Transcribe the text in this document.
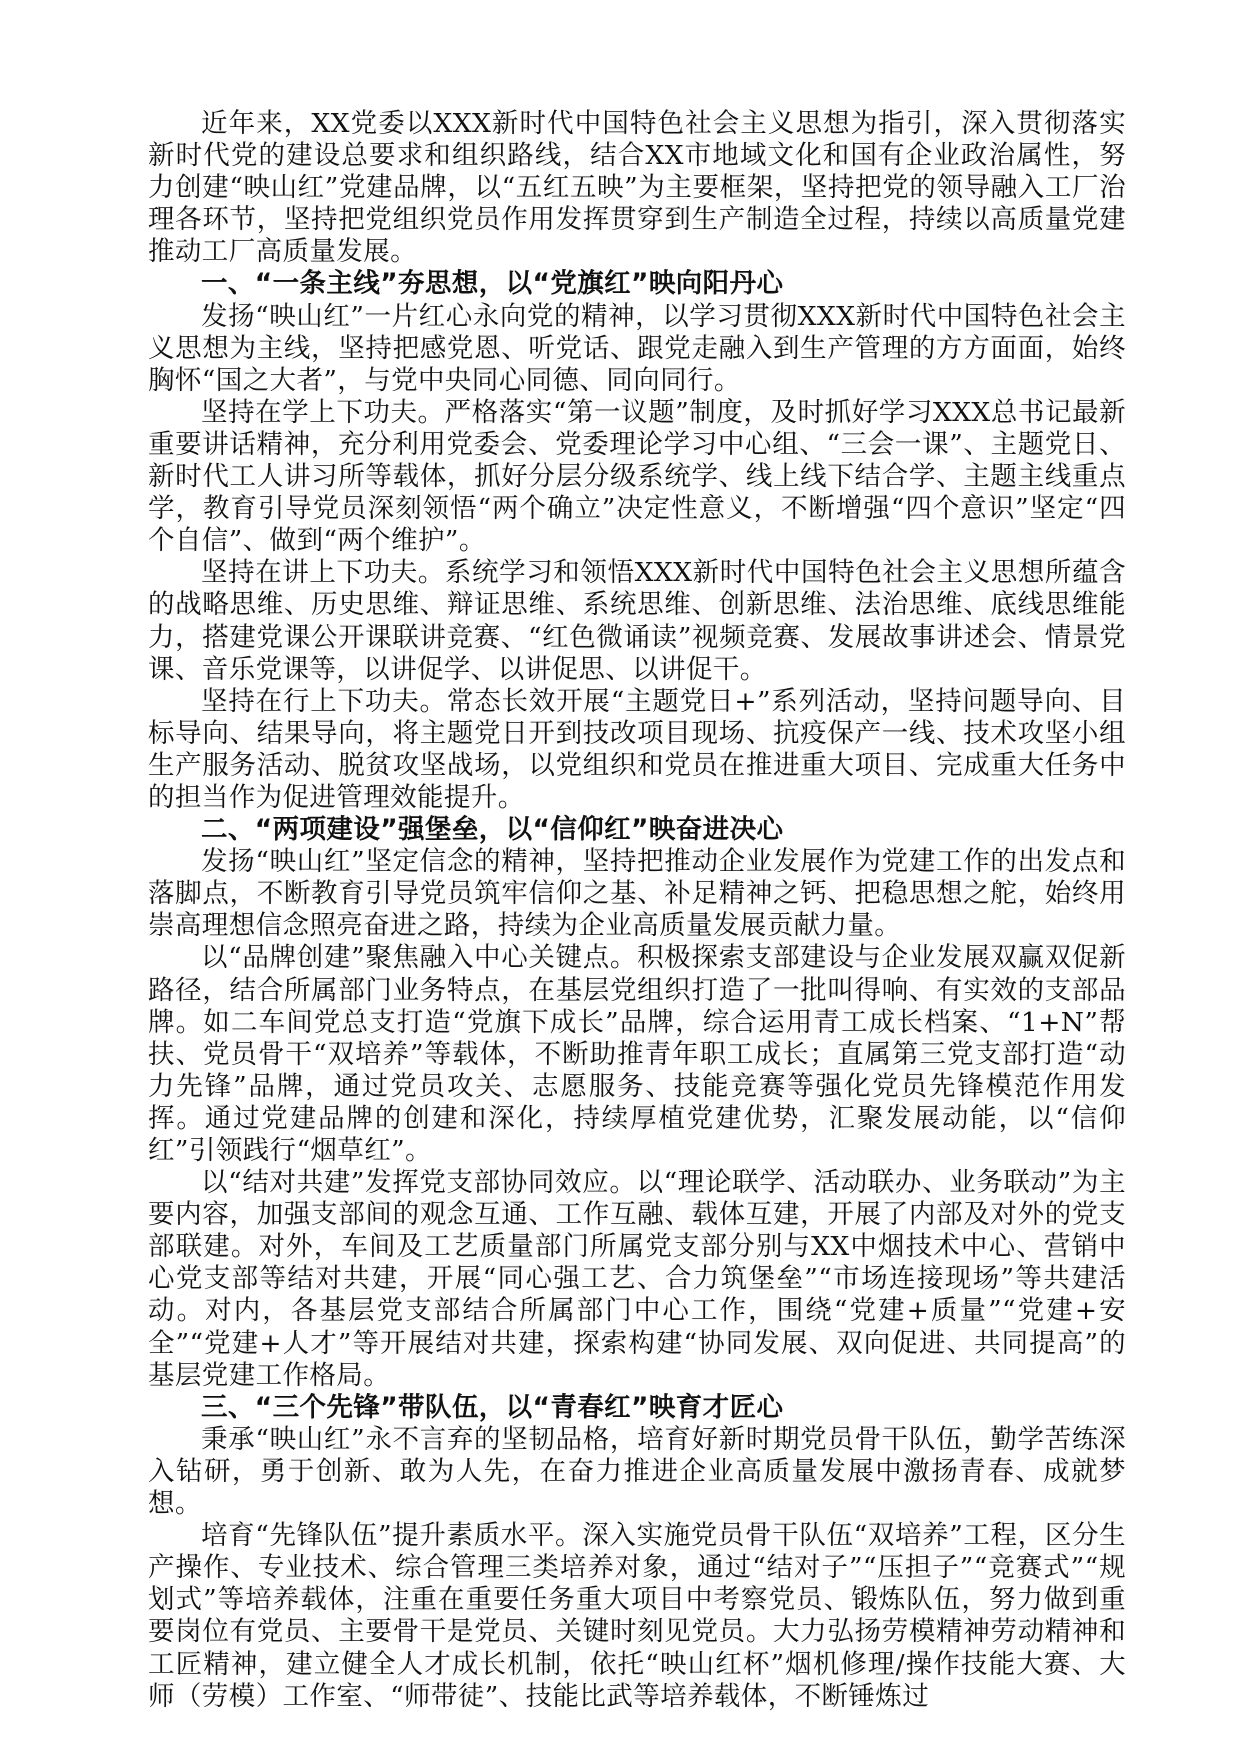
近年来，XX党委以XXX新时代中国特色社会主义思想为指引，深入贯彻落实新时代党的建设总要求和组织路线，结合XX市地域文化和国有企业政治属性，努力创建“映山红”党建品牌，以“五红五映”为主要框架，坚持把党的领导融入工厂治理各环节，坚持把党组织党员作用发挥贯穿到生产制造全过程，持续以高质量党建推动工厂高质量发展。

一、“一条主线”夯思想，以“党旗红”映向阳丹心

发扬“映山红”一片红心永向党的精神，以学习贯彻XXX新时代中国特色社会主义思想为主线，坚持把感党恩、听党话、跟党走融入到生产管理的方方面面，始终胸怀“国之大者”，与党中央同心同德、同向同行。

坚持在学上下功夫。严格落实“第一议题”制度，及时抓好学习XXX总书记最新重要讲话精神，充分利用党委会、党委理论学习中心组、“三会一课”、主题党日、新时代工人讲习所等载体，抓好分层分级系统学、线上线下结合学、主题主线重点学，教育引导党员深刻领悟“两个确立”决定性意义，不断增强“四个意识”坚定“四个自信”、做到“两个维护”。

坚持在讲上下功夫。系统学习和领悟XXX新时代中国特色社会主义思想所蕴含的战略思维、历史思维、辩证思维、系统思维、创新思维、法治思维、底线思维能力，搭建党课公开课联讲竞赛、“红色微诵读”视频竞赛、发展故事讲述会、情景党课、音乐党课等，以讲促学、以讲促思、以讲促干。

坚持在行上下功夫。常态长效开展“主题党日+”系列活动，坚持问题导向、目标导向、结果导向，将主题党日开到技改项目现场、抗疫保产一线、技术攻坚小组生产服务活动、脱贫攻坚战场，以党组织和党员在推进重大项目、完成重大任务中的担当作为促进管理效能提升。

二、“两项建设”强堡垒，以“信仰红”映奋进决心

发扬“映山红”坚定信念的精神，坚持把推动企业发展作为党建工作的出发点和落脚点，不断教育引导党员筑牢信仰之基、补足精神之钙、把稳思想之舵，始终用崇高理想信念照亮奋进之路，持续为企业高质量发展贡献力量。

以“品牌创建”聚焦融入中心关键点。积极探索支部建设与企业发展双赢双促新路径，结合所属部门业务特点，在基层党组织打造了一批叫得响、有实效的支部品牌。如二车间党总支打造“党旗下成长”品牌，综合运用青工成长档案、“1+N”帮扶、党员骨干“双培养”等载体，不断助推青年职工成长；直属第三党支部打造“动力先锋”品牌，通过党员攻关、志愿服务、技能竞赛等强化党员先锋模范作用发挥。通过党建品牌的创建和深化，持续厚植党建优势，汇聚发展动能，以“信仰红”引领践行“烟草红”。

以“结对共建”发挥党支部协同效应。以“理论联学、活动联办、业务联动”为主要内容，加强支部间的观念互通、工作互融、载体互建，开展了内部及对外的党支部联建。对外，车间及工艺质量部门所属党支部分别与XX中烟技术中心、营销中心党支部等结对共建，开展“同心强工艺、合力筑堡垒”“市场连接现场”等共建活动。对内，各基层党支部结合所属部门中心工作，围绕“党建+质量”“党建+安全”“党建+人才”等开展结对共建，探索构建“协同发展、双向促进、共同提高”的基层党建工作格局。

三、“三个先锋”带队伍，以“青春红”映育才匠心

秉承“映山红”永不言弃的坚韧品格，培育好新时期党员骨干队伍，勤学苦练深入钻研，勇于创新、敢为人先，在奋力推进企业高质量发展中激扬青春、成就梦想。

培育“先锋队伍”提升素质水平。深入实施党员骨干队伍“双培养”工程，区分生产操作、专业技术、综合管理三类培养对象，通过“结对子”“压担子”“竞赛式”“规划式”等培养载体，注重在重要任务重大项目中考察党员、锻炼队伍，努力做到重要岗位有党员、主要骨干是党员、关键时刻见党员。大力弘扬劳模精神劳动精神和工匠精神，建立健全人才成长机制，依托“映山红杯”烟机修理/操作技能大赛、大师（劳模）工作室、“师带徒”、技能比武等培养载体，不断锤炼过
